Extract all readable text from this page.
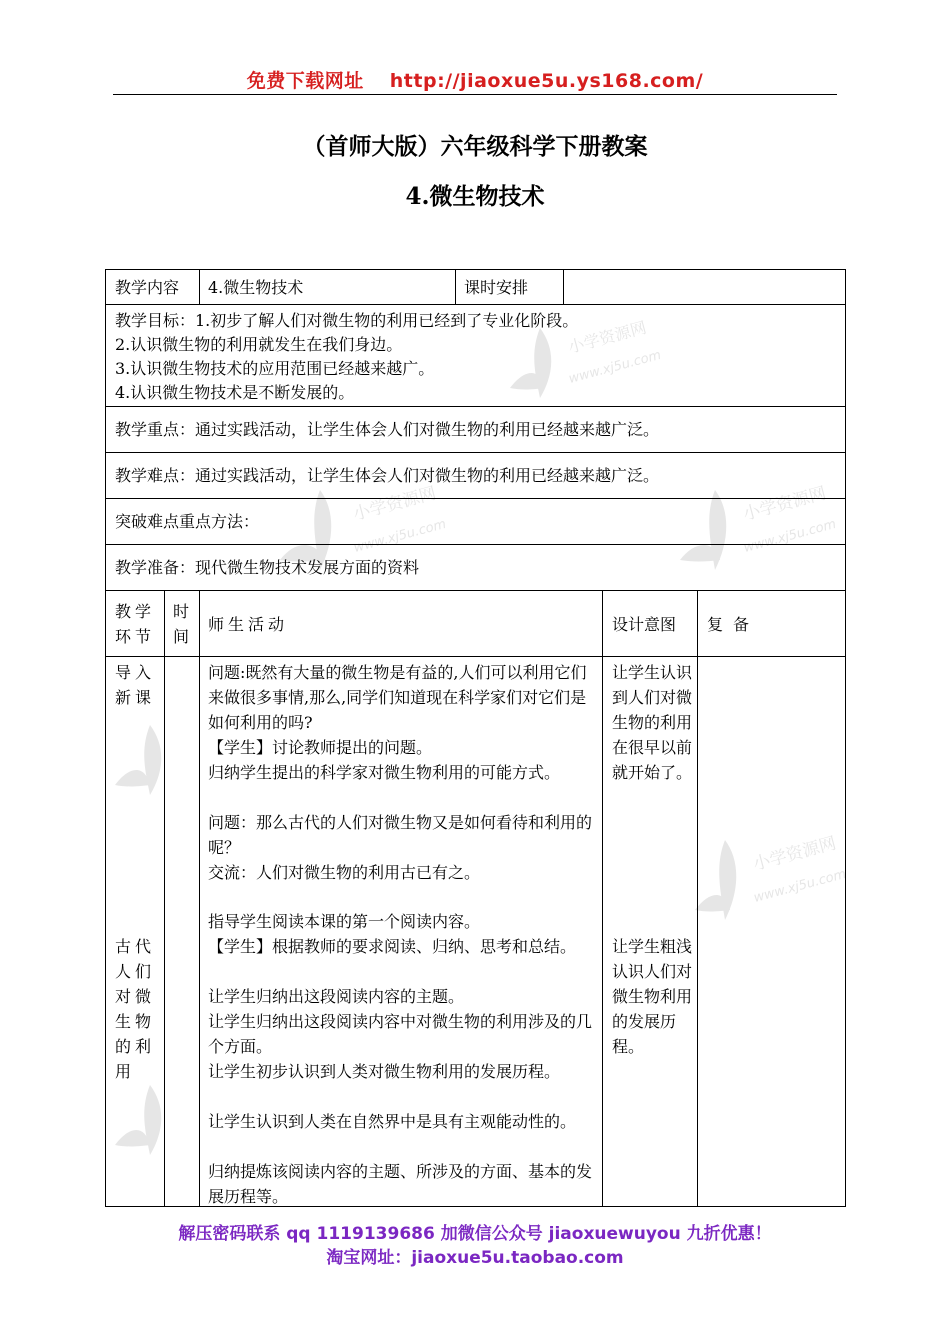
免费下载网址 http://jiaoxue5u.ys168.com/
（首师大版）六年级科学下册教案
4.微生物技术
小学资源网
www.xj5u.com
小学资源网
www.xj5u.com
小学资源网
www.xj5u.com
小学资源网
www.xj5u.com
教学内容 4.微生物技术	课时安排
教学目标：1.初步了解人们对微生物的利用已经到了专业化阶段。
2.认识微生物的利用就发生在我们身边。
3.认识微生物技术的应用范围已经越来越广。
4.认识微生物技术是不断发展的。
教学重点：通过实践活动，让学生体会人们对微生物的利用已经越来越广泛。
教学难点：通过实践活动，让学生体会人们对微生物的利用已经越来越广泛。
突破难点重点方法：
教学准备：现代微生物技术发展方面的资料
教学
环节
时
间
师生活动	设计意图 复备
导入
新课
古代
人们
对微
生物
的利
用
问题:既然有大量的微生物是有益的,人们可以利用它们来做很多事情,那么,同学们知道现在科学家们对它们是如何利用的吗?
【学生】讨论教师提出的问题。
归纳学生提出的科学家对微生物利用的可能方式。
问题：那么古代的人们对微生物又是如何看待和利用的呢？
交流：人们对微生物的利用古已有之。
指导学生阅读本课的第一个阅读内容。
【学生】根据教师的要求阅读、归纳、思考和总结。
让学生归纳出这段阅读内容的主题。
让学生归纳出这段阅读内容中对微生物的利用涉及的几个方面。
让学生初步认识到人类对微生物利用的发展历程。
让学生认识到人类在自然界中是具有主观能动性的。
归纳提炼该阅读内容的主题、所涉及的方面、基本的发展历程等。
让学生认识到人们对微生物的利用在很早以前就开始了。
让学生粗浅认识人们对微生物利用的发展历程。
解压密码联系 qq 1119139686 加微信公众号 jiaoxuewuyou 九折优惠！
淘宝网址：jiaoxue5u.taobao.com
